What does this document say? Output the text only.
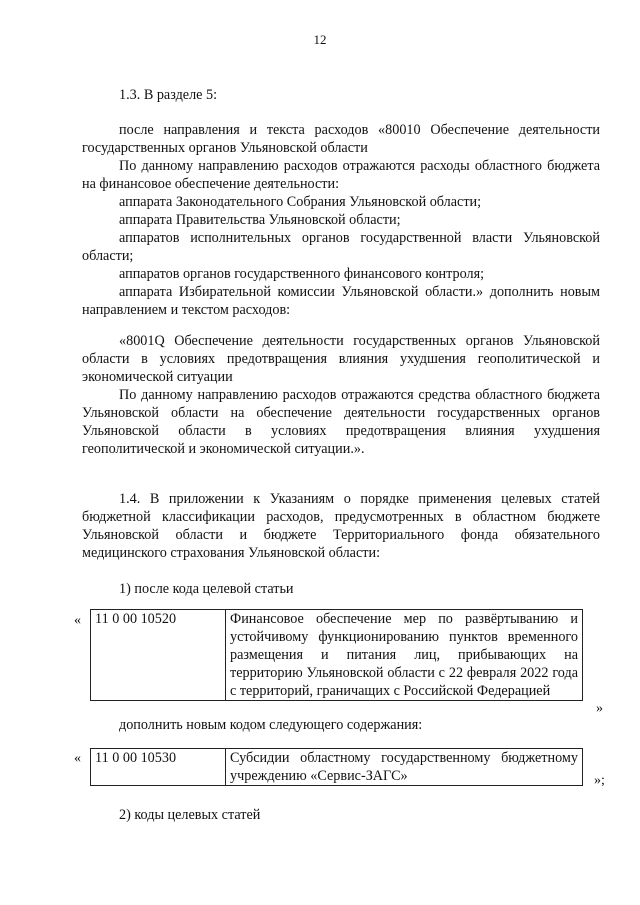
12
1.3. В разделе 5:

после направления и текста расходов «80010 Обеспечение деятельности государственных органов Ульяновской области

По данному направлению расходов отражаются расходы областного бюджета на финансовое обеспечение деятельности:

аппарата Законодательного Собрания Ульяновской области;

аппарата Правительства Ульяновской области;

аппаратов исполнительных органов государственной власти Ульяновской области;

аппаратов органов государственного финансового контроля;

аппарата Избирательной комиссии Ульяновской области.» дополнить новым направлением и текстом расходов:

«8001Q Обеспечение деятельности государственных органов Ульяновской области в условиях предотвращения влияния ухудшения геополитической и экономической ситуации

По данному направлению расходов отражаются средства областного бюджета Ульяновской области на обеспечение деятельности государственных органов Ульяновской области в условиях предотвращения влияния ухудшения геополитической и экономической ситуации.».

1.4. В приложении к Указаниям о порядке применения целевых статей бюджетной классификации расходов, предусмотренных в областном бюджете Ульяновской области и бюджете Территориального фонда обязательного медицинского страхования Ульяновской области:

1) после кода целевой статьи
« 11 0 00 10520	Финансовое обеспечение мер по развёртыванию и устойчивому функционированию пунктов временного размещения и питания лиц, прибывающих на территорию Ульяновской области с 22 февраля 2022 года с территорий, граничащих с Российской Федерацией
»
дополнить новым кодом следующего содержания:
« 11 0 00 10530	Субсидии областному государственному бюджетному учреждению «Сервис-ЗАГС»	»;
2) коды целевых статей
